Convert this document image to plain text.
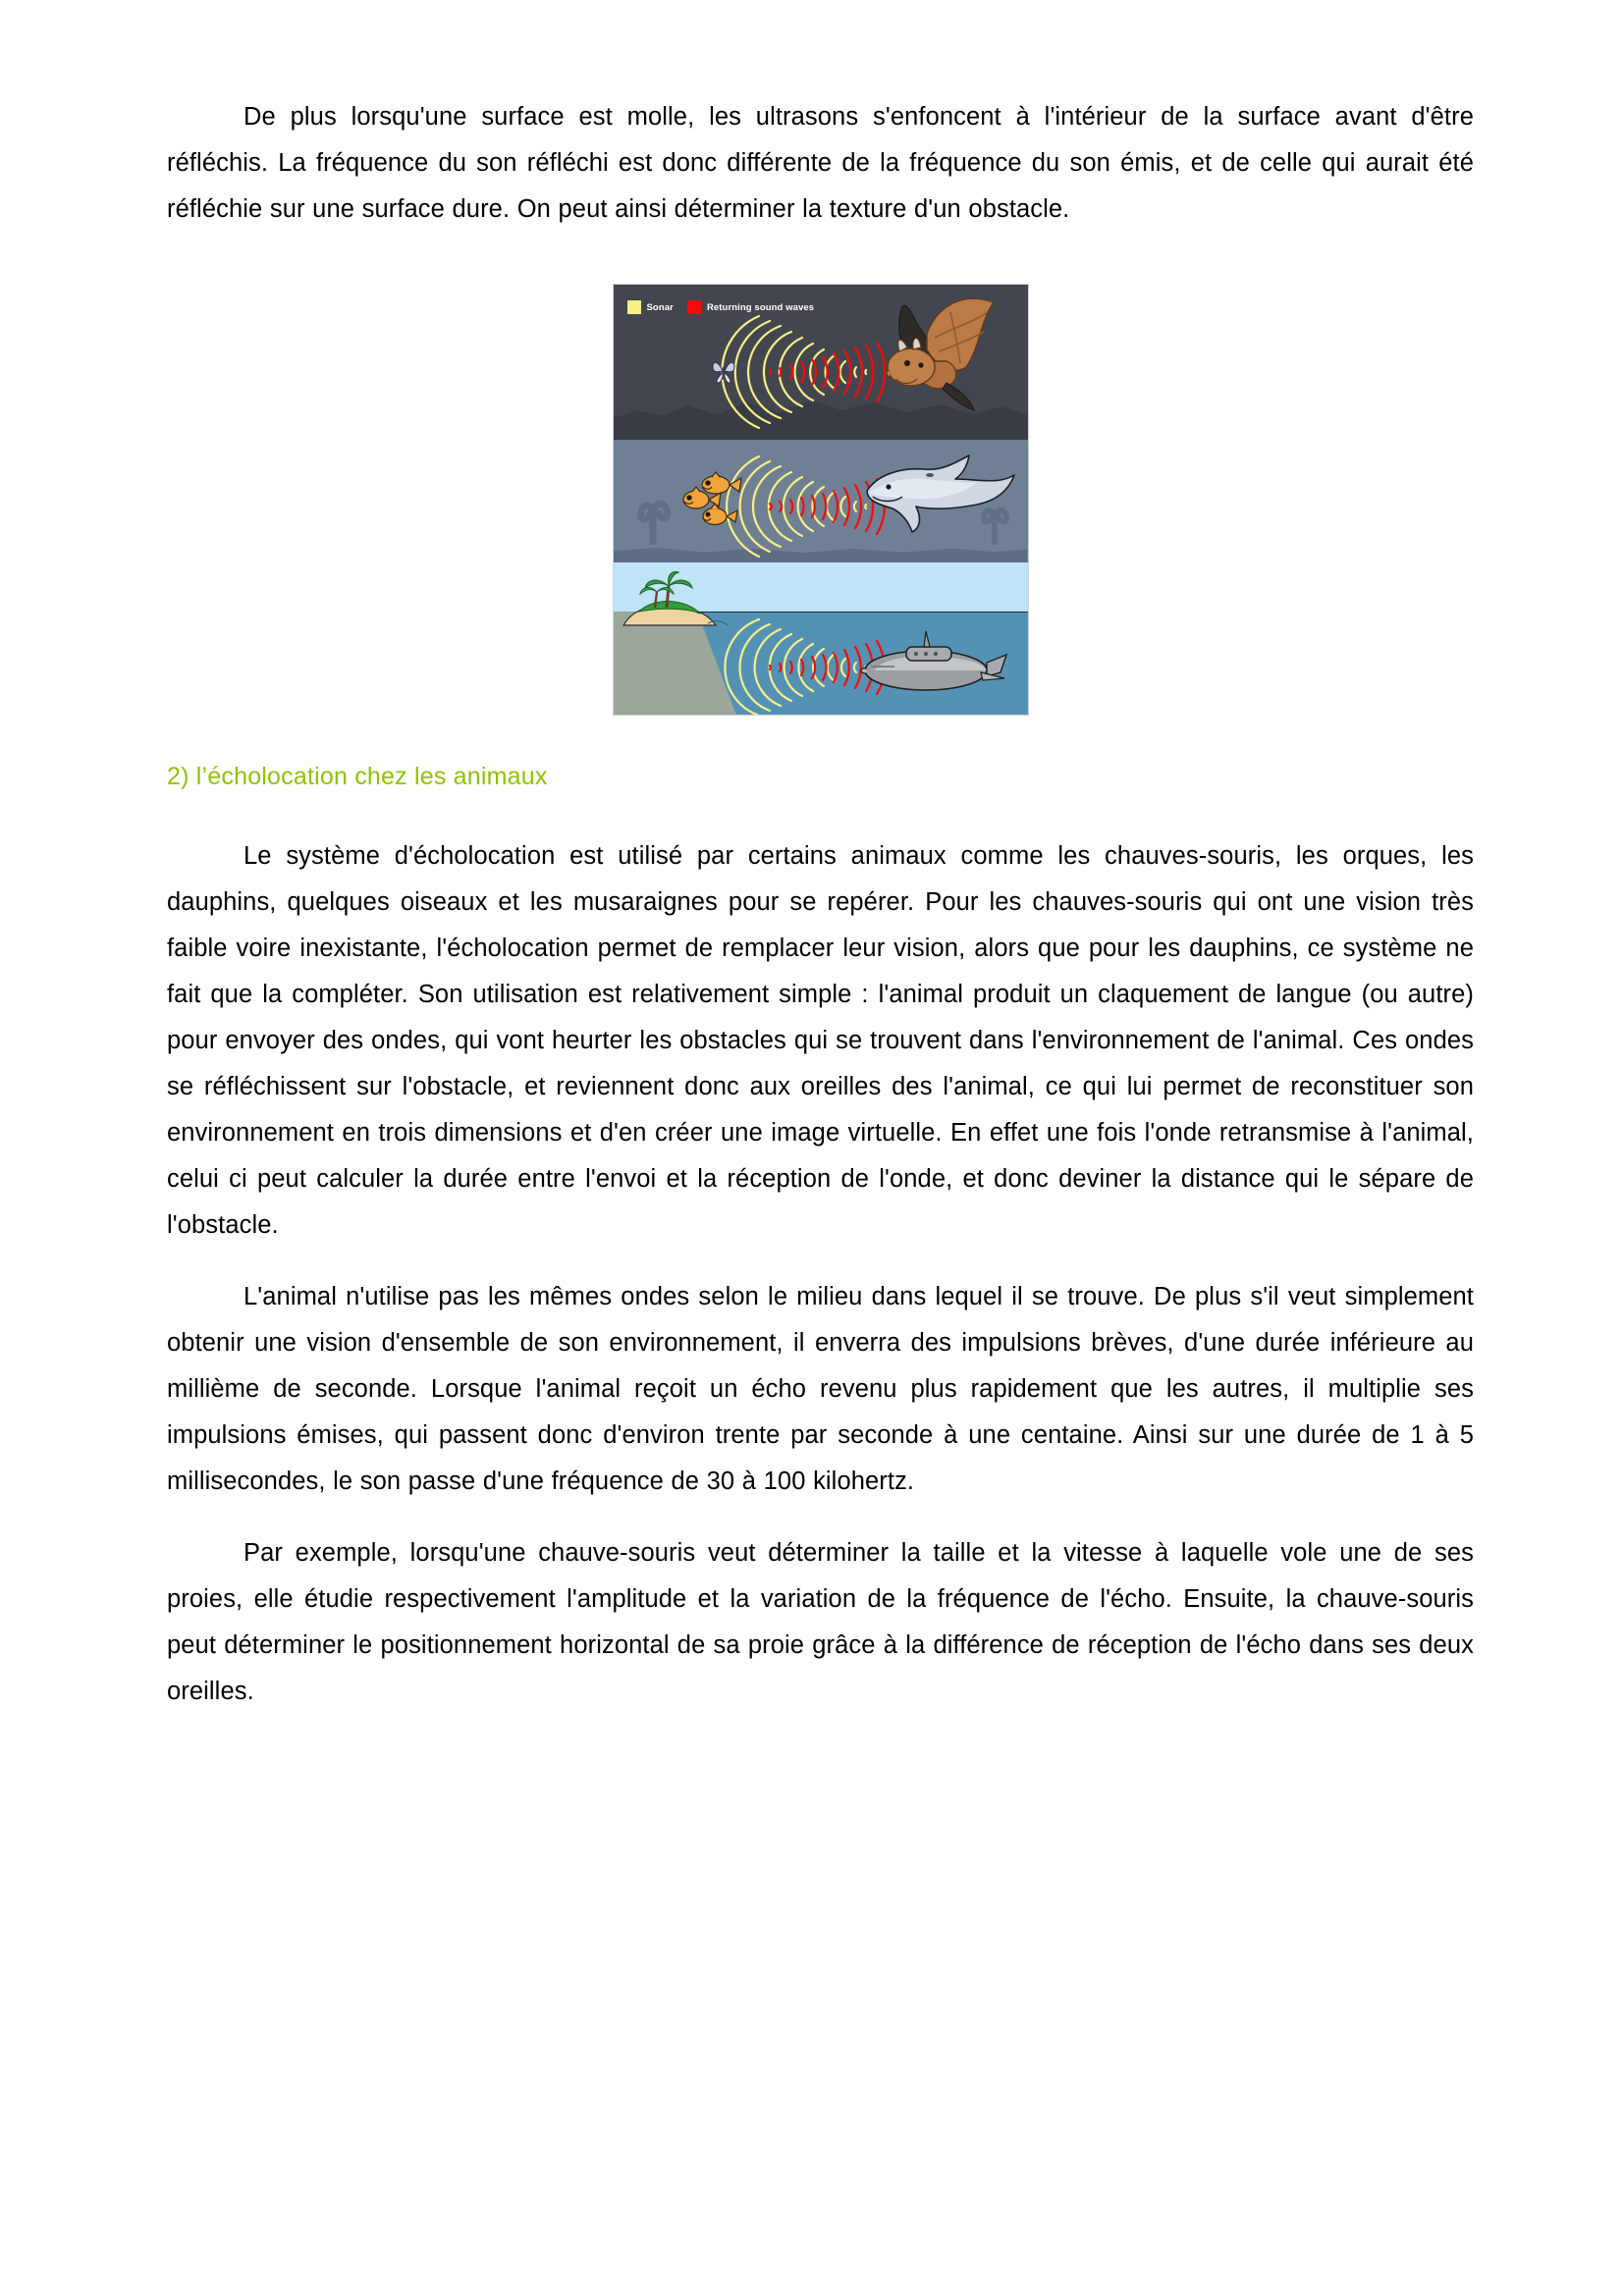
De plus lorsqu'une surface est molle, les ultrasons s'enfoncent à l'intérieur de la surface avant d'être réfléchis. La fréquence du son réfléchi est donc différente de la fréquence du son émis, et de celle qui aurait été réfléchie sur une surface dure. On peut ainsi déterminer la texture d'un obstacle.

Sonar	Returning sound waves
2) l’écholocation chez les animaux

Le système d'écholocation est utilisé par certains animaux comme les chauves-souris, les orques, les dauphins, quelques oiseaux et les musaraignes pour se repérer. Pour les chauves-souris qui ont une vision très faible voire inexistante, l'écholocation permet de remplacer leur vision, alors que pour les dauphins, ce système ne fait que la compléter. Son utilisation est relativement simple : l'animal produit un claquement de langue (ou autre) pour envoyer des ondes, qui vont heurter les obstacles qui se trouvent dans l'environnement de l'animal. Ces ondes se réfléchissent sur l'obstacle, et reviennent donc aux oreilles des l'animal, ce qui lui permet de reconstituer son environnement en trois dimensions et d'en créer une image virtuelle. En effet une fois l'onde retransmise à l'animal, celui ci peut calculer la durée entre l'envoi et la réception de l'onde, et donc deviner la distance qui le sépare de l'obstacle.

L'animal n'utilise pas les mêmes ondes selon le milieu dans lequel il se trouve. De plus s'il veut simplement obtenir une vision d'ensemble de son environnement, il enverra des impulsions brèves, d'une durée inférieure au millième de seconde. Lorsque l'animal reçoit un écho revenu plus rapidement que les autres, il multiplie ses impulsions émises, qui passent donc d'environ trente par seconde à une centaine. Ainsi sur une durée de 1 à 5 millisecondes, le son passe d'une fréquence de 30 à 100 kilohertz.

Par exemple, lorsqu'une chauve-souris veut déterminer la taille et la vitesse à laquelle vole une de ses proies, elle étudie respectivement l'amplitude et la variation de la fréquence de l'écho. Ensuite, la chauve-souris peut déterminer le positionnement horizontal de sa proie grâce à la différence de réception de l'écho dans ses deux oreilles.
